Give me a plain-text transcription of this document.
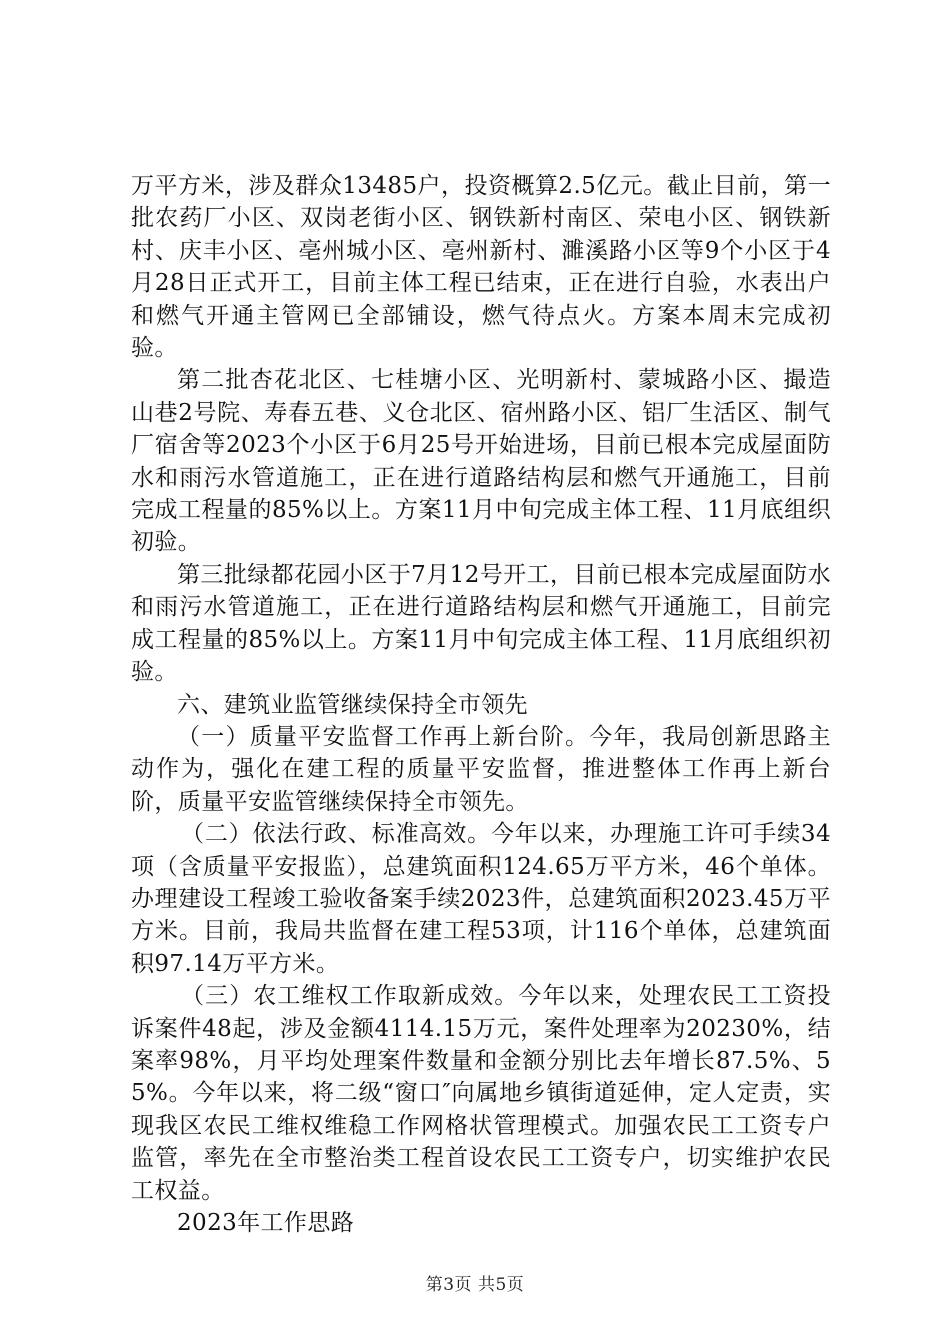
万平方米，涉及群众13485户，投资概算2.5亿元。截止目前，第一批农药厂小区、双岗老街小区、钢铁新村南区、荣电小区、钢铁新村、庆丰小区、亳州城小区、亳州新村、濉溪路小区等9个小区于4月28日正式开工，目前主体工程已结束，正在进行自验，水表出户和燃气开通主管网已全部铺设，燃气待点火。方案本周末完成初验。

第二批杏花北区、七桂塘小区、光明新村、蒙城路小区、撮造山巷2号院、寿春五巷、义仓北区、宿州路小区、铝厂生活区、制气厂宿舍等2023个小区于6月25号开始进场，目前已根本完成屋面防水和雨污水管道施工，正在进行道路结构层和燃气开通施工，目前完成工程量的85%以上。方案11月中旬完成主体工程、11月底组织初验。

第三批绿都花园小区于7月12号开工，目前已根本完成屋面防水和雨污水管道施工，正在进行道路结构层和燃气开通施工，目前完成工程量的85%以上。方案11月中旬完成主体工程、11月底组织初验。

六、建筑业监管继续保持全市领先

（一）质量平安监督工作再上新台阶。今年，我局创新思路主动作为，强化在建工程的质量平安监督，推进整体工作再上新台阶，质量平安监管继续保持全市领先。

（二）依法行政、标准高效。今年以来，办理施工许可手续34项（含质量平安报监），总建筑面积124.65万平方米，46个单体。办理建设工程竣工验收备案手续2023件，总建筑面积2023.45万平方米。目前，我局共监督在建工程53项，计116个单体，总建筑面积97.14万平方米。

（三）农工维权工作取新成效。今年以来，处理农民工工资投诉案件48起，涉及金额4114.15万元，案件处理率为20230%，结案率98%，月平均处理案件数量和金额分别比去年增长87.5%、55%。今年以来，将二级“窗口″向属地乡镇街道延伸，定人定责，实现我区农民工维权维稳工作网格状管理模式。加强农民工工资专户监管，率先在全市整治类工程首设农民工工资专户，切实维护农民工权益。

2023年工作思路

第3页 共5页
